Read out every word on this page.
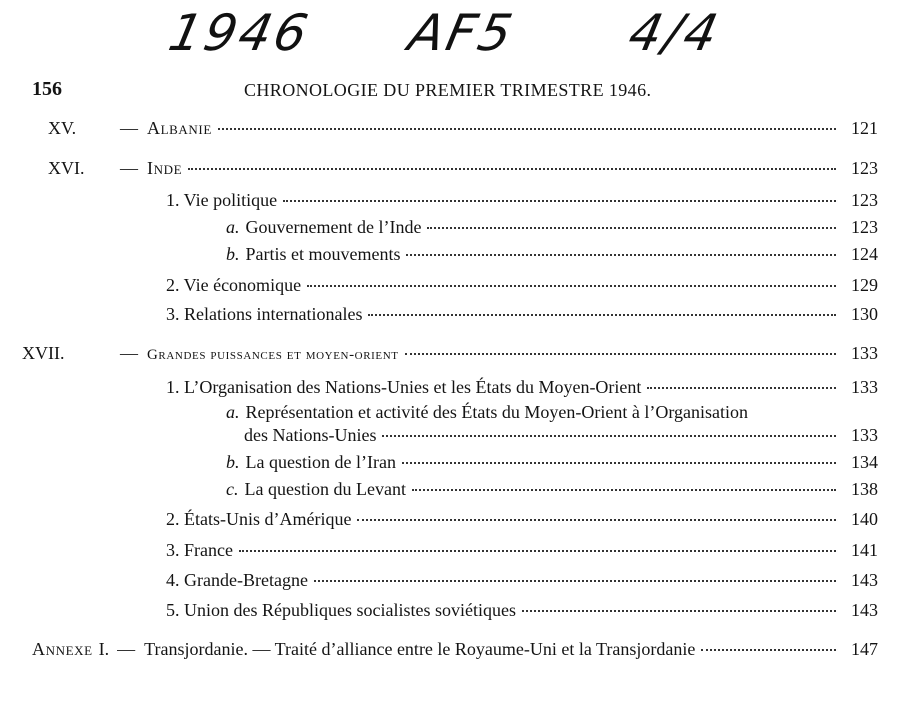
1946 AF5 4/4
156	CHRONOLOGIE DU PREMIER TRIMESTRE 1946.
XV.	— Albanie	121
XVI.	— Inde	123
1. Vie politique	123
a. Gouvernement de l’Inde	123
b. Partis et mouvements	124
2. Vie économique	129
3. Relations internationales	130
XVII.	— Grandes puissances et moyen-orient	133
1. L’Organisation des Nations-Unies et les États du Moyen-Orient	133
a. Représentation et activité des États du Moyen-Orient à l’Organisation
des Nations-Unies	133
b. La question de l’Iran	134
c. La question du Levant	138
2. États-Unis d’Amérique	140
3. France	141
4. Grande-Bretagne	143
5. Union des Républiques socialistes soviétiques	143
Annexe I. — Transjordanie. — Traité d’alliance entre le Royaume-Uni et la Transjordanie	147
